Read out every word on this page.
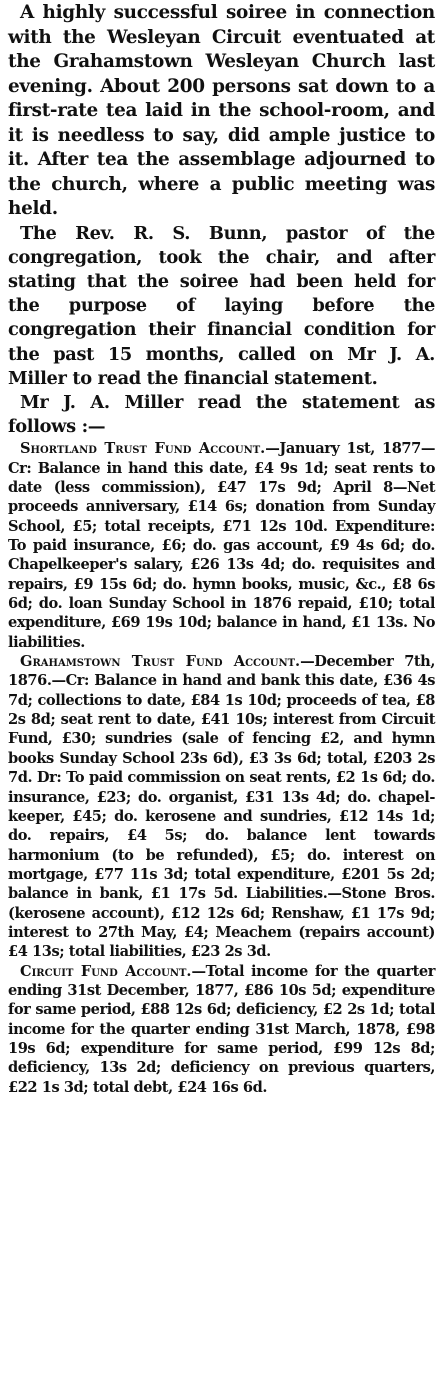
A highly successful soiree in connection with the Wesleyan Circuit eventuated at the Grahamstown Wesleyan Church last evening. About 200 persons sat down to a first-rate tea laid in the school-room, and it is needless to say, did ample justice to it. After tea the assemblage adjourned to the church, where a public meeting was held.

The Rev. R. S. Bunn, pastor of the congregation, took the chair, and after stating that the soiree had been held for the purpose of laying before the congregation their financial condition for the past 15 months, called on Mr J. A. Miller to read the financial statement.

Mr J. A. Miller read the statement as follows :—

Shortland Trust Fund Account.—January 1st, 1877—Cr: Balance in hand this date, £4 9s 1d; seat rents to date (less commission), £47 17s 9d; April 8—Net proceeds anniversary, £14 6s; donation from Sunday School, £5; total receipts, £71 12s 10d. Expenditure: To paid insurance, £6; do. gas account, £9 4s 6d; do. Chapelkeeper's salary, £26 13s 4d; do. requisites and repairs, £9 15s 6d; do. hymn books, music, &c., £8 6s 6d; do. loan Sunday School in 1876 repaid, £10; total expenditure, £69 19s 10d; balance in hand, £1 13s. No liabilities.

Grahamstown Trust Fund Account.—December 7th, 1876.—Cr: Balance in hand and bank this date, £36 4s 7d; collections to date, £84 1s 10d; proceeds of tea, £8 2s 8d; seat rent to date, £41 10s; interest from Circuit Fund, £30; sundries (sale of fencing £2, and hymn books Sunday School 23s 6d), £3 3s 6d; total, £203 2s 7d. Dr: To paid commission on seat rents, £2 1s 6d; do. insurance, £23; do. organist, £31 13s 4d; do. chapel-keeper, £45; do. kerosene and sundries, £12 14s 1d; do. repairs, £4 5s; do. balance lent towards harmonium (to be refunded), £5; do. interest on mortgage, £77 11s 3d; total expenditure, £201 5s 2d; balance in bank, £1 17s 5d. Liabilities.—Stone Bros. (kerosene account), £12 12s 6d; Renshaw, £1 17s 9d; interest to 27th May, £4; Meachem (repairs account) £4 13s; total liabilities, £23 2s 3d.

Circuit Fund Account.—Total income for the quarter ending 31st December, 1877, £86 10s 5d; expenditure for same period, £88 12s 6d; deficiency, £2 2s 1d; total income for the quarter ending 31st March, 1878, £98 19s 6d; expenditure for same period, £99 12s 8d; deficiency, 13s 2d; deficiency on previous quarters, £22 1s 3d; total debt, £24 16s 6d.
